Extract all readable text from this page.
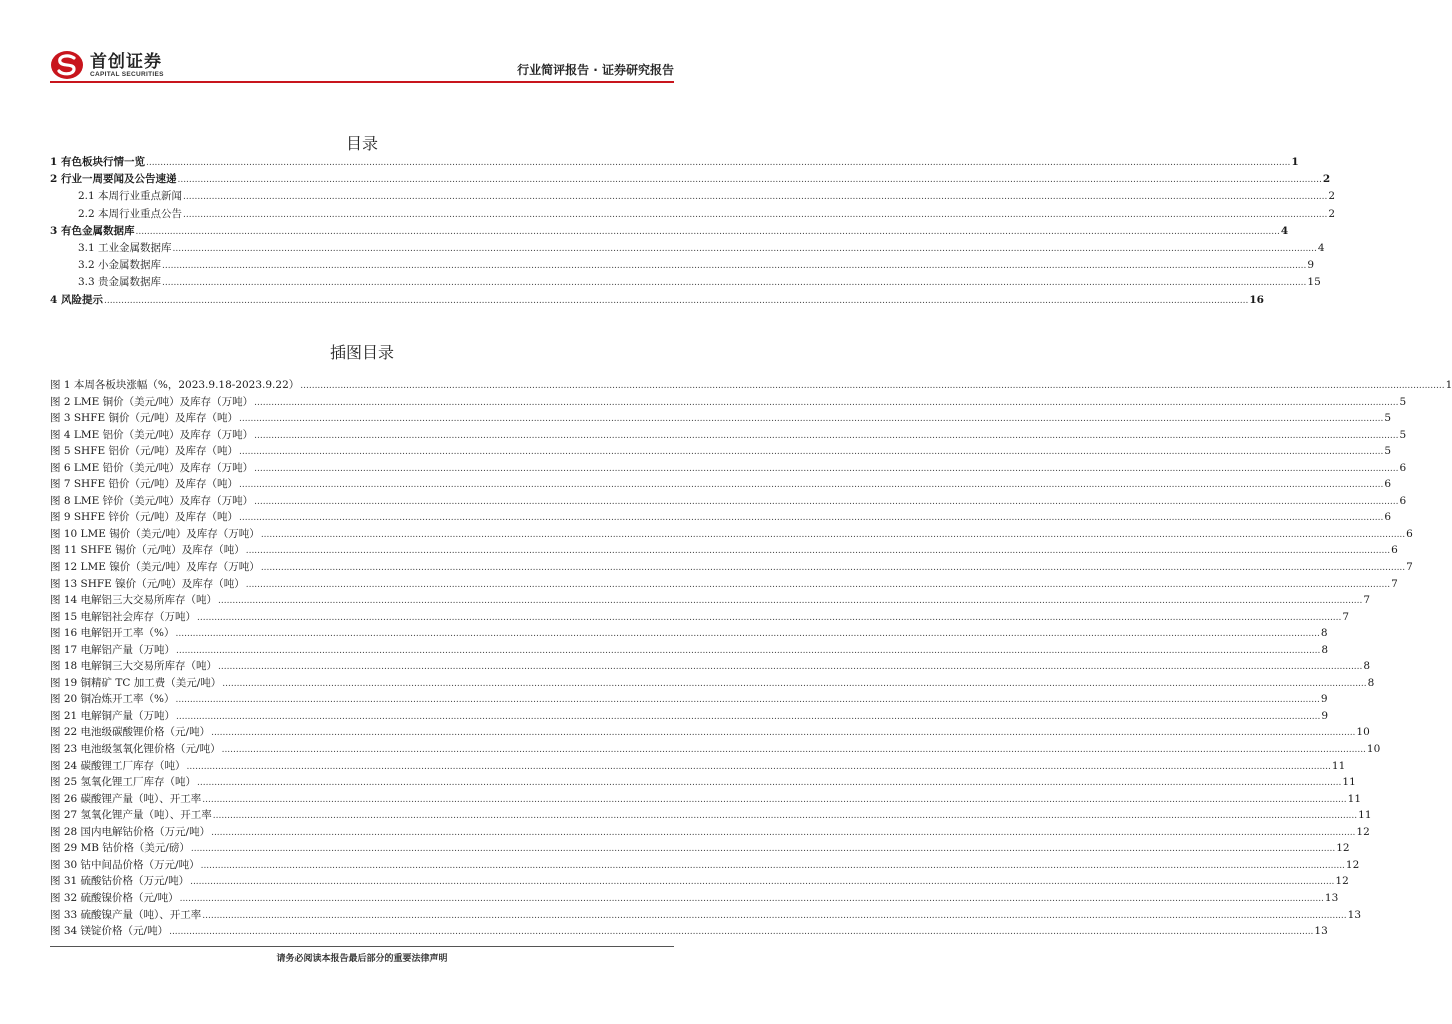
首创证券
CAPITAL SECURITIES	行业简评报告 · 证券研究报告
目录
1 有色板块行情一览 ................................................................................................................................................................................................................................................................................................................................................................................................................ 1
2 行业一周要闻及公告速递 ................................................................................................................................................................................................................................................................................................................................................................................................................ 2
2.1 本周行业重点新闻 ................................................................................................................................................................................................................................................................................................................................................................................................................ 2
2.2 本周行业重点公告 ................................................................................................................................................................................................................................................................................................................................................................................................................ 2
3 有色金属数据库 ................................................................................................................................................................................................................................................................................................................................................................................................................ 4
3.1 工业金属数据库 ................................................................................................................................................................................................................................................................................................................................................................................................................ 4
3.2 小金属数据库 ................................................................................................................................................................................................................................................................................................................................................................................................................ 9
3.3 贵金属数据库 ................................................................................................................................................................................................................................................................................................................................................................................................................ 15
4 风险提示 ................................................................................................................................................................................................................................................................................................................................................................................................................ 16
插图目录
图 1 本周各板块涨幅（%，2023.9.18-2023.9.22） ................................................................................................................................................................................................................................................................................................................................................................................................................ 1
图 2 LME 铜价（美元/吨）及库存（万吨） ................................................................................................................................................................................................................................................................................................................................................................................................................ 5
图 3 SHFE 铜价（元/吨）及库存（吨） ................................................................................................................................................................................................................................................................................................................................................................................................................ 5
图 4 LME 铝价（美元/吨）及库存（万吨） ................................................................................................................................................................................................................................................................................................................................................................................................................ 5
图 5 SHFE 铝价（元/吨）及库存（吨） ................................................................................................................................................................................................................................................................................................................................................................................................................ 5
图 6 LME 铅价（美元/吨）及库存（万吨） ................................................................................................................................................................................................................................................................................................................................................................................................................ 6
图 7 SHFE 铅价（元/吨）及库存（吨） ................................................................................................................................................................................................................................................................................................................................................................................................................ 6
图 8 LME 锌价（美元/吨）及库存（万吨） ................................................................................................................................................................................................................................................................................................................................................................................................................ 6
图 9 SHFE 锌价（元/吨）及库存（吨） ................................................................................................................................................................................................................................................................................................................................................................................................................ 6
图 10 LME 锡价（美元/吨）及库存（万吨） ................................................................................................................................................................................................................................................................................................................................................................................................................ 6
图 11 SHFE 锡价（元/吨）及库存（吨） ................................................................................................................................................................................................................................................................................................................................................................................................................ 6
图 12 LME 镍价（美元/吨）及库存（万吨） ................................................................................................................................................................................................................................................................................................................................................................................................................ 7
图 13 SHFE 镍价（元/吨）及库存（吨） ................................................................................................................................................................................................................................................................................................................................................................................................................ 7
图 14 电解铝三大交易所库存（吨） ................................................................................................................................................................................................................................................................................................................................................................................................................ 7
图 15 电解铝社会库存（万吨） ................................................................................................................................................................................................................................................................................................................................................................................................................ 7
图 16 电解铝开工率（%） ................................................................................................................................................................................................................................................................................................................................................................................................................ 8
图 17 电解铝产量（万吨） ................................................................................................................................................................................................................................................................................................................................................................................................................ 8
图 18 电解铜三大交易所库存（吨） ................................................................................................................................................................................................................................................................................................................................................................................................................ 8
图 19 铜精矿 TC 加工费（美元/吨） ................................................................................................................................................................................................................................................................................................................................................................................................................ 8
图 20 铜冶炼开工率（%） ................................................................................................................................................................................................................................................................................................................................................................................................................ 9
图 21 电解铜产量（万吨） ................................................................................................................................................................................................................................................................................................................................................................................................................ 9
图 22 电池级碳酸锂价格（元/吨） ................................................................................................................................................................................................................................................................................................................................................................................................................ 10
图 23 电池级氢氧化锂价格（元/吨） ................................................................................................................................................................................................................................................................................................................................................................................................................ 10
图 24 碳酸锂工厂库存（吨） ................................................................................................................................................................................................................................................................................................................................................................................................................ 11
图 25 氢氧化锂工厂库存（吨） ................................................................................................................................................................................................................................................................................................................................................................................................................ 11
图 26 碳酸锂产量（吨）、开工率 ................................................................................................................................................................................................................................................................................................................................................................................................................ 11
图 27 氢氧化锂产量（吨）、开工率 ................................................................................................................................................................................................................................................................................................................................................................................................................ 11
图 28 国内电解钴价格（万元/吨） ................................................................................................................................................................................................................................................................................................................................................................................................................ 12
图 29 MB 钴价格（美元/磅） ................................................................................................................................................................................................................................................................................................................................................................................................................ 12
图 30 钴中间品价格（万元/吨） ................................................................................................................................................................................................................................................................................................................................................................................................................ 12
图 31 硫酸钴价格（万元/吨） ................................................................................................................................................................................................................................................................................................................................................................................................................ 12
图 32 硫酸镍价格（元/吨） ................................................................................................................................................................................................................................................................................................................................................................................................................ 13
图 33 硫酸镍产量（吨）、开工率 ................................................................................................................................................................................................................................................................................................................................................................................................................ 13
图 34 镁锭价格（元/吨） ................................................................................................................................................................................................................................................................................................................................................................................................................ 13
请务必阅读本报告最后部分的重要法律声明
